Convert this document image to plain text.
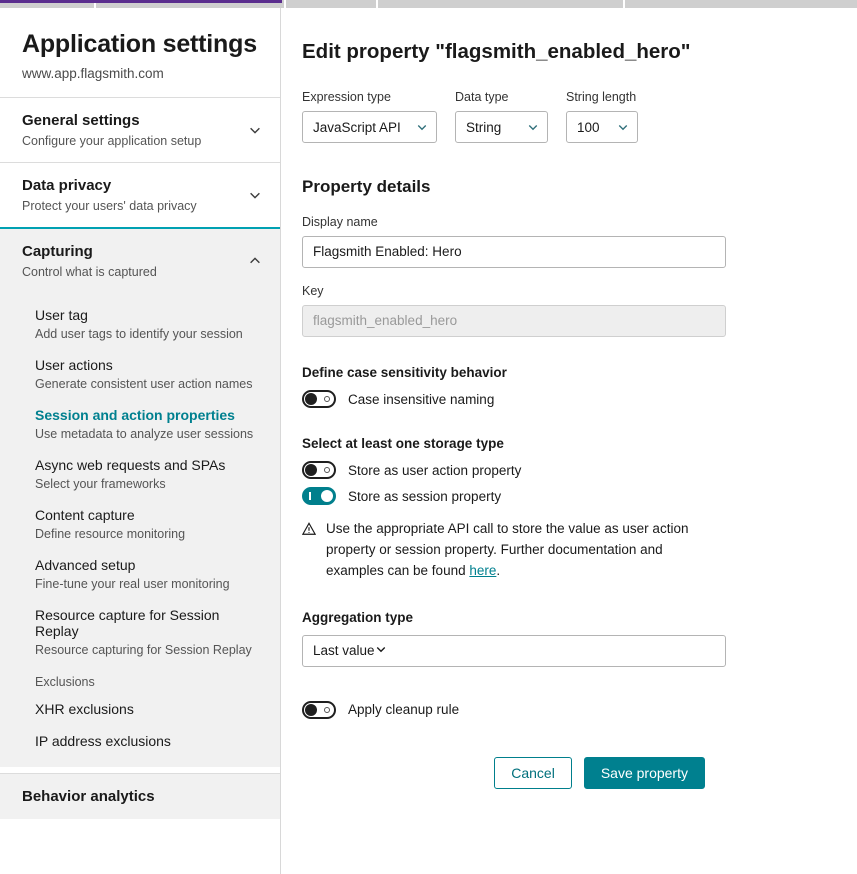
Application settings
www.app.flagsmith.com
General settings
Configure your application setup
Data privacy
Protect your users' data privacy
Capturing
Control what is captured
User tag
Add user tags to identify your session
User actions
Generate consistent user action names
Session and action properties
Use metadata to analyze user sessions
Async web requests and SPAs
Select your frameworks
Content capture
Define resource monitoring
Advanced setup
Fine-tune your real user monitoring
Resource capture for Session Replay
Resource capturing for Session Replay
Exclusions
XHR exclusions
IP address exclusions
Behavior analytics
Edit property "flagsmith_enabled_hero"
Expression type
JavaScript API
Data type
String
String length
100
Property details
Display name
Flagsmith Enabled: Hero
Key
flagsmith_enabled_hero
Define case sensitivity behavior
Case insensitive naming
Select at least one storage type
Store as user action property
Store as session property
Use the appropriate API call to store the value as user action property or session property. Further documentation and examples can be found here.
Aggregation type
Last value
Apply cleanup rule
Cancel	Save property
